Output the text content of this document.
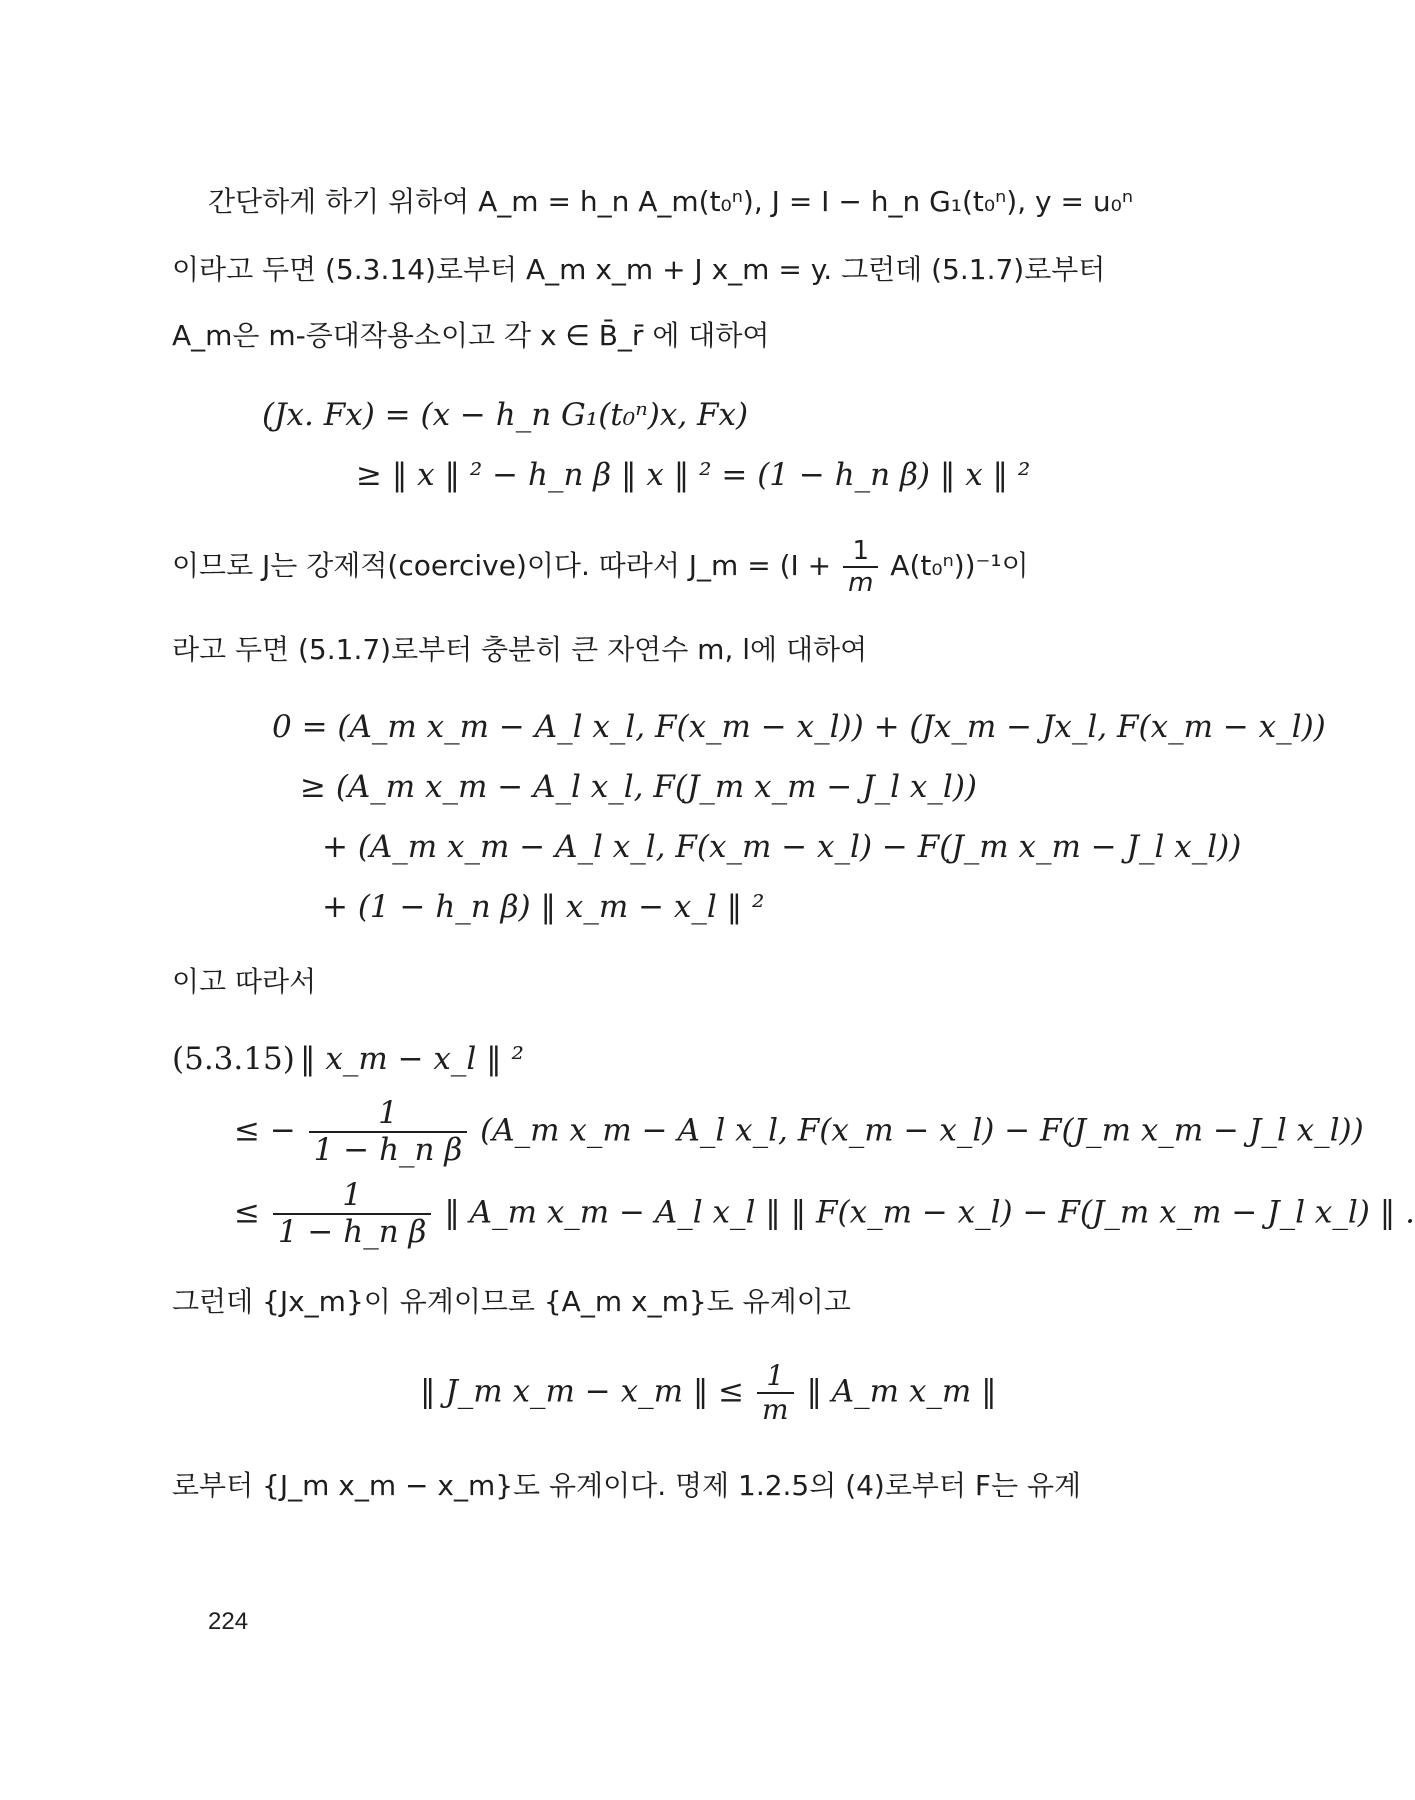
간단하게 하기 위하여 A_m = h_n A_m(t₀ⁿ), J = I − h_n G₁(t₀ⁿ), y = u₀ⁿ
이라고 두면 (5.3.14)로부터 A_m x_m + J x_m = y. 그런데 (5.1.7)로부터
A_m은 m-증대작용소이고 각 x ∈ B̄_r̄ 에 대하여
(Jx. Fx) = (x − h_n G₁(t₀ⁿ)x, Fx)
≥ ‖ x ‖ ² − h_n β ‖ x ‖ ² = (1 − h_n β) ‖ x ‖ ²
이므로 J는 강제적(coercive)이다. 따라서 J_m = $(I + \frac{1}{m} A(t_0^n))^{-1}$이
라고 두면 (5.1.7)로부터 충분히 큰 자연수 m, l에 대하여
0 = (A_m x_m − A_l x_l, F(x_m − x_l)) + (Jx_m − Jx_l, F(x_m − x_l))
≥ (A_m x_m − A_l x_l, F(J_m x_m − J_l x_l))
+ (A_m x_m − A_l x_l, F(x_m − x_l) − F(J_m x_m − J_l x_l))
+ (1 − h_n β) ‖ x_m − x_l ‖ ²
이고 따라서
(5.3.15) ‖ x_m − x_l ‖ ²
≤ − $\frac{1}{\text{1 − h\_n β}}$ (A_m x_m − A_l x_l, F(x_m − x_l) − F(J_m x_m − J_l x_l))
≤ $\frac{1}{\text{1 − h\_n β}}$ ‖ A_m x_m − A_l x_l ‖ ‖ F(x_m − x_l) − F(J_m x_m − J_l x_l) ‖ .
그런데 {Jx_m}이 유계이므로 {A_m x_m}도 유계이고
‖ J_m x_m − x_m ‖ ≤ $\frac{1}{m}$ ‖ A_m x_m ‖
로부터 {J_m x_m − x_m}도 유계이다. 명제 1.2.5의 (4)로부터 F는 유계
224
